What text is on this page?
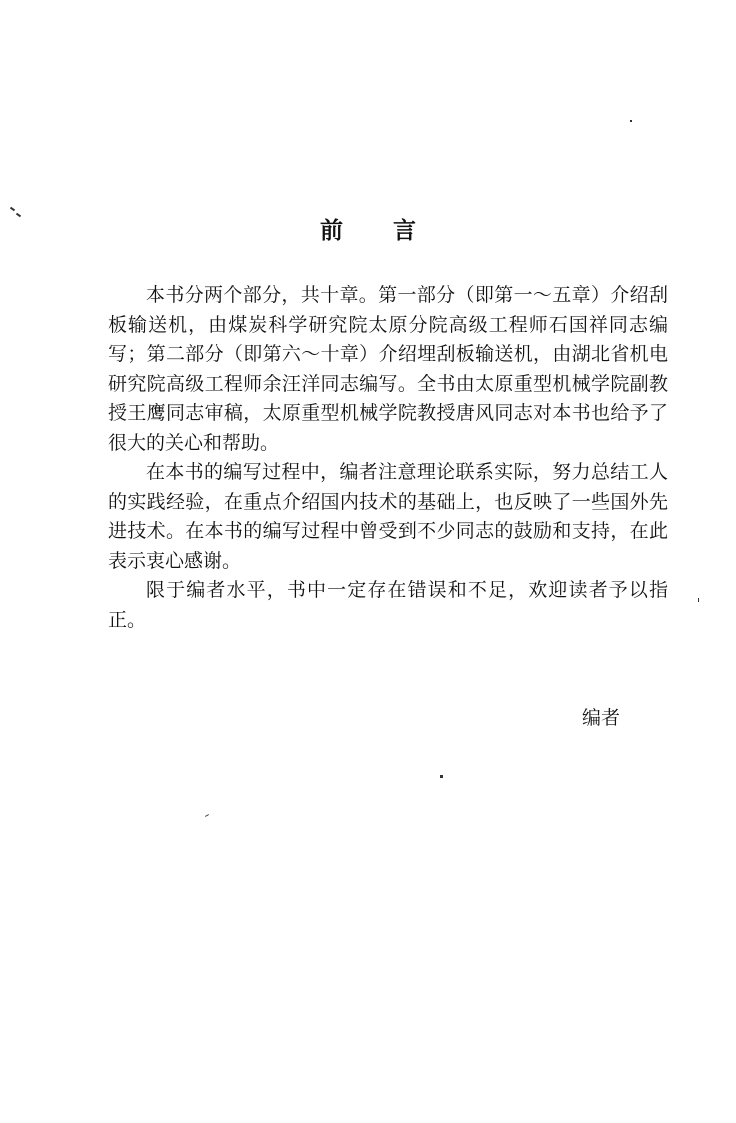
前言

本书分两个部分，共十章。第一部分（即第一～五章）介绍刮板输送机，由煤炭科学研究院太原分院高级工程师石国祥同志编写；第二部分（即第六～十章）介绍埋刮板输送机，由湖北省机电研究院高级工程师余汪洋同志编写。全书由太原重型机械学院副教授王鹰同志审稿，太原重型机械学院教授唐风同志对本书也给予了很大的关心和帮助。

在本书的编写过程中，编者注意理论联系实际，努力总结工人的实践经验，在重点介绍国内技术的基础上，也反映了一些国外先进技术。在本书的编写过程中曾受到不少同志的鼓励和支持，在此表示衷心感谢。

限于编者水平，书中一定存在错误和不足，欢迎读者予以指正。

编者
